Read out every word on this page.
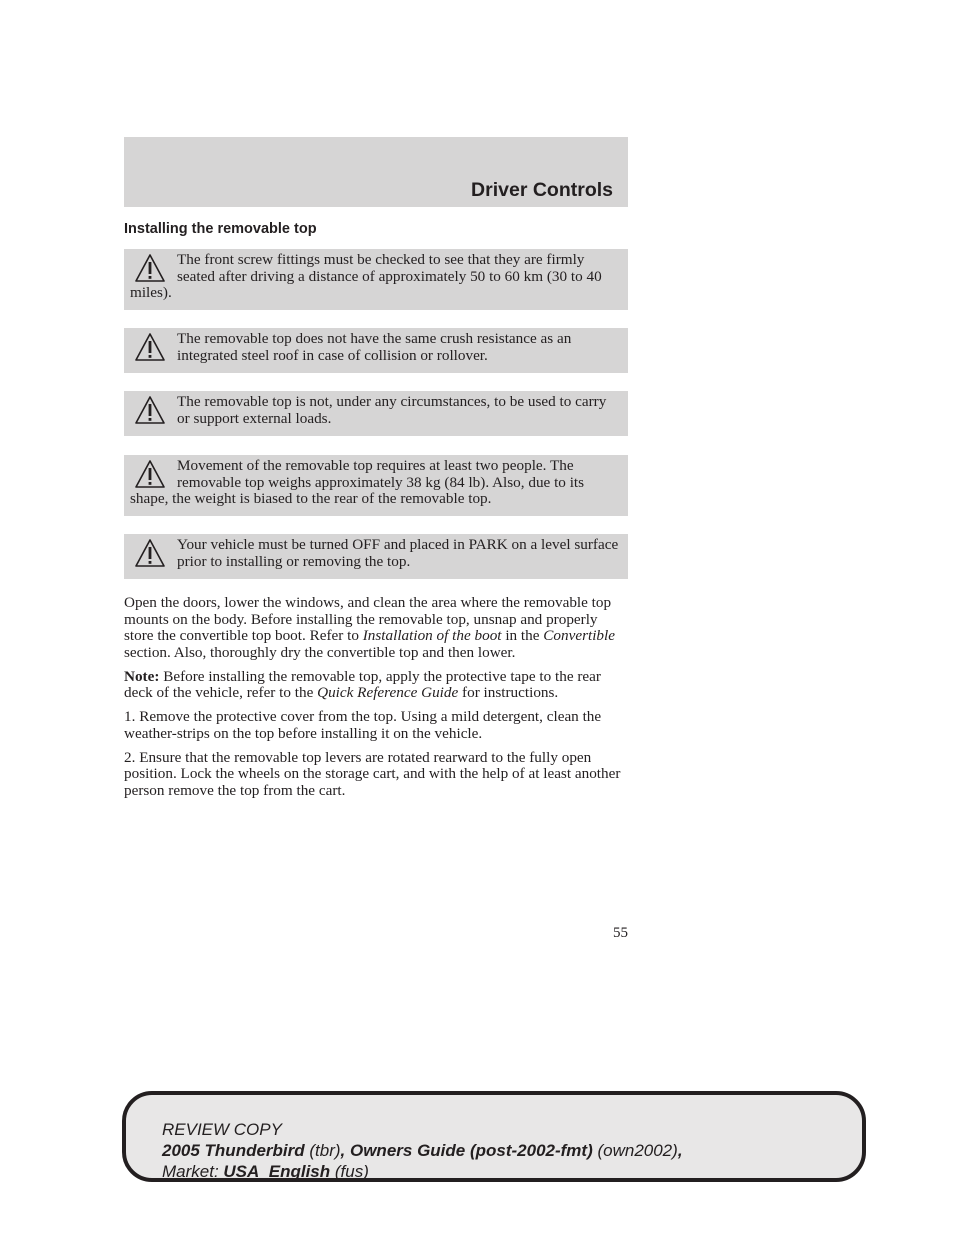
Driver Controls
Installing the removable top
The front screw fittings must be checked to see that they are firmly seated after driving a distance of approximately 50 to 60 km (30 to 40 miles).
The removable top does not have the same crush resistance as an integrated steel roof in case of collision or rollover.
The removable top is not, under any circumstances, to be used to carry or support external loads.
Movement of the removable top requires at least two people. The removable top weighs approximately 38 kg (84 lb). Also, due to its shape, the weight is biased to the rear of the removable top.
Your vehicle must be turned OFF and placed in PARK on a level surface prior to installing or removing the top.

Open the doors, lower the windows, and clean the area where the removable top mounts on the body. Before installing the removable top, unsnap and properly store the convertible top boot. Refer to Installation of the boot in the Convertible section. Also, thoroughly dry the convertible top and then lower.

Note: Before installing the removable top, apply the protective tape to the rear deck of the vehicle, refer to the Quick Reference Guide for instructions.

1. Remove the protective cover from the top. Using a mild detergent, clean the weather-strips on the top before installing it on the vehicle.

2. Ensure that the removable top levers are rotated rearward to the fully open position. Lock the wheels on the storage cart, and with the help of at least another person remove the top from the cart.

55
REVIEW COPY
2005 Thunderbird (tbr), Owners Guide (post-2002-fmt) (own2002),
Market: USA_English (fus)
